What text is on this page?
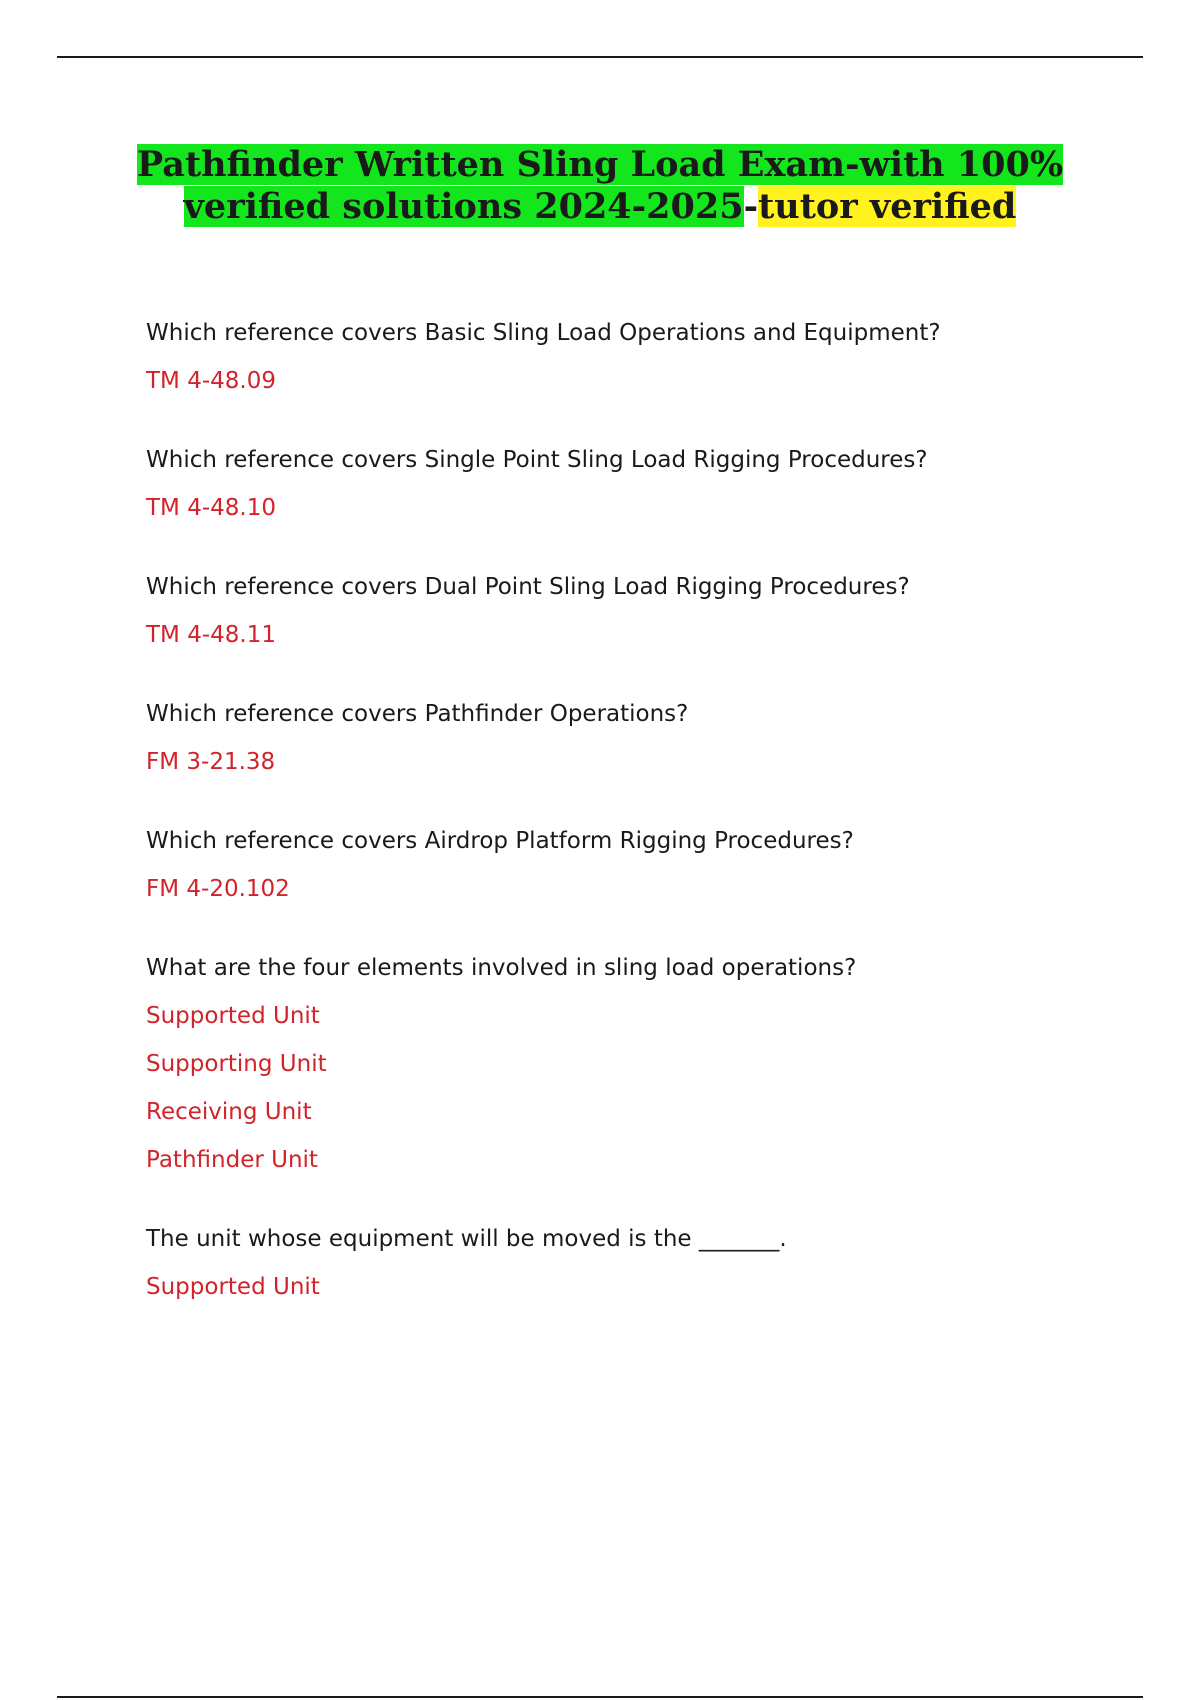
Pathfinder Written Sling Load Exam-with 100% verified solutions 2024-2025-tutor verified

Which reference covers Basic Sling Load Operations and Equipment?

TM 4-48.09

Which reference covers Single Point Sling Load Rigging Procedures?

TM 4-48.10

Which reference covers Dual Point Sling Load Rigging Procedures?

TM 4-48.11

Which reference covers Pathfinder Operations?

FM 3-21.38

Which reference covers Airdrop Platform Rigging Procedures?

FM 4-20.102

What are the four elements involved in sling load operations?

Supported Unit

Supporting Unit

Receiving Unit

Pathfinder Unit

The unit whose equipment will be moved is the _______.

Supported Unit
